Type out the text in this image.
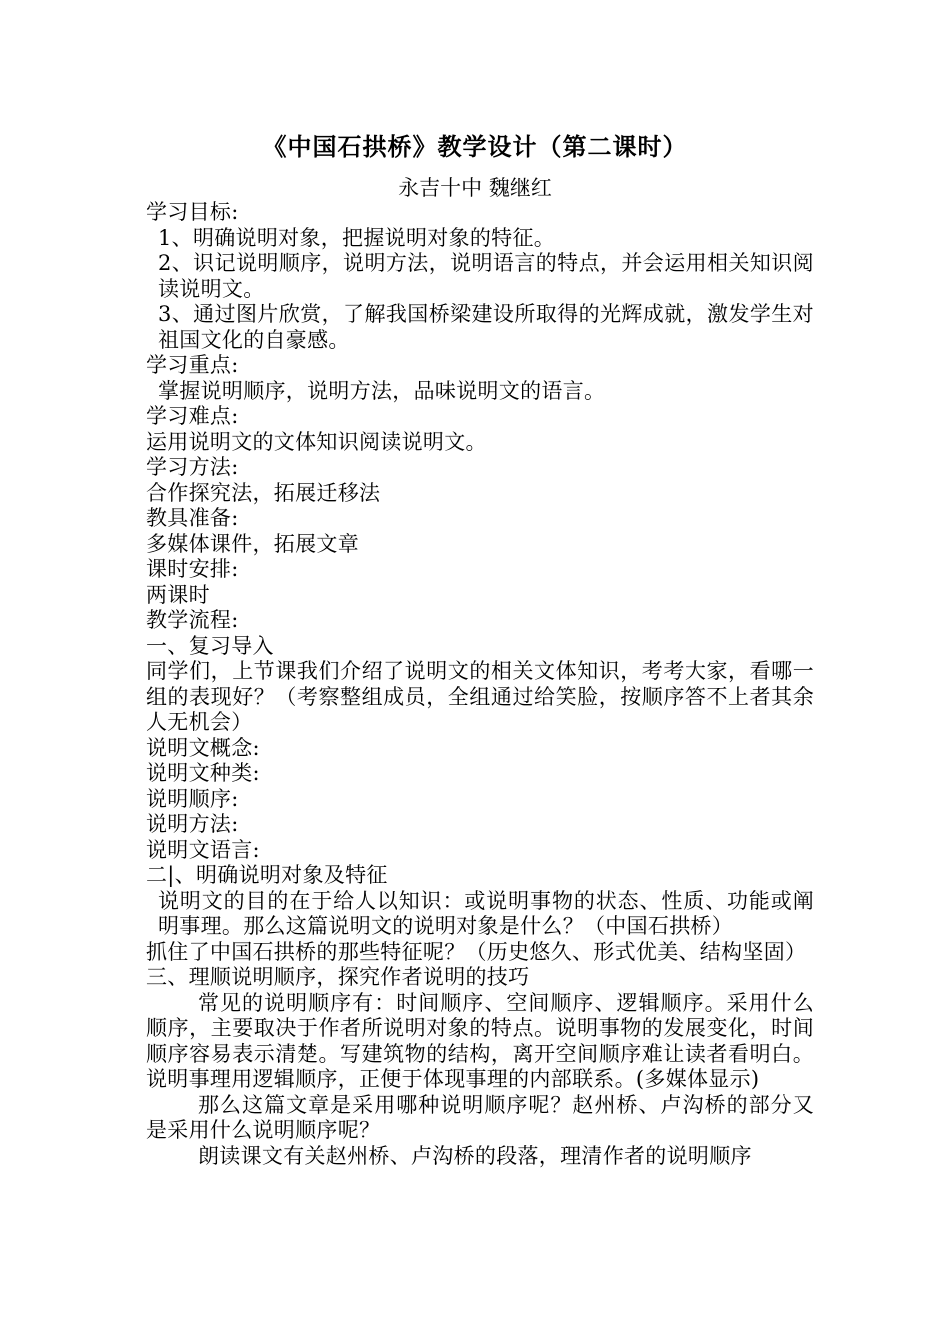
《中国石拱桥》教学设计（第二课时）
永吉十中 魏继红

学习目标:

1、明确说明对象，把握说明对象的特征。

2、识记说明顺序，说明方法，说明语言的特点，并会运用相关知识阅读说明文。

3、通过图片欣赏，了解我国桥梁建设所取得的光辉成就，激发学生对祖国文化的自豪感。

学习重点:

掌握说明顺序，说明方法，品味说明文的语言。

学习难点:

运用说明文的文体知识阅读说明文。

学习方法:

合作探究法，拓展迁移法

教具准备:

多媒体课件，拓展文章

课时安排:

两课时

教学流程:

一、复习导入

同学们，上节课我们介绍了说明文的相关文体知识，考考大家，看哪一组的表现好？（考察整组成员，全组通过给笑脸，按顺序答不上者其余人无机会）

说明文概念:

说明文种类:

说明顺序:

说明方法:

说明文语言:

二|、明确说明对象及特征

说明文的目的在于给人以知识：或说明事物的状态、性质、功能或阐明事理。那么这篇说明文的说明对象是什么？（中国石拱桥）

抓住了中国石拱桥的那些特征呢？（历史悠久、形式优美、结构坚固）

三、理顺说明顺序，探究作者说明的技巧

常见的说明顺序有：时间顺序、空间顺序、逻辑顺序。采用什么顺序，主要取决于作者所说明对象的特点。说明事物的发展变化，时间顺序容易表示清楚。写建筑物的结构，离开空间顺序难让读者看明白。说明事理用逻辑顺序，正便于体现事理的内部联系。(多媒体显示)

那么这篇文章是采用哪种说明顺序呢？赵州桥、卢沟桥的部分又是采用什么说明顺序呢？

朗读课文有关赵州桥、卢沟桥的段落，理清作者的说明顺序
